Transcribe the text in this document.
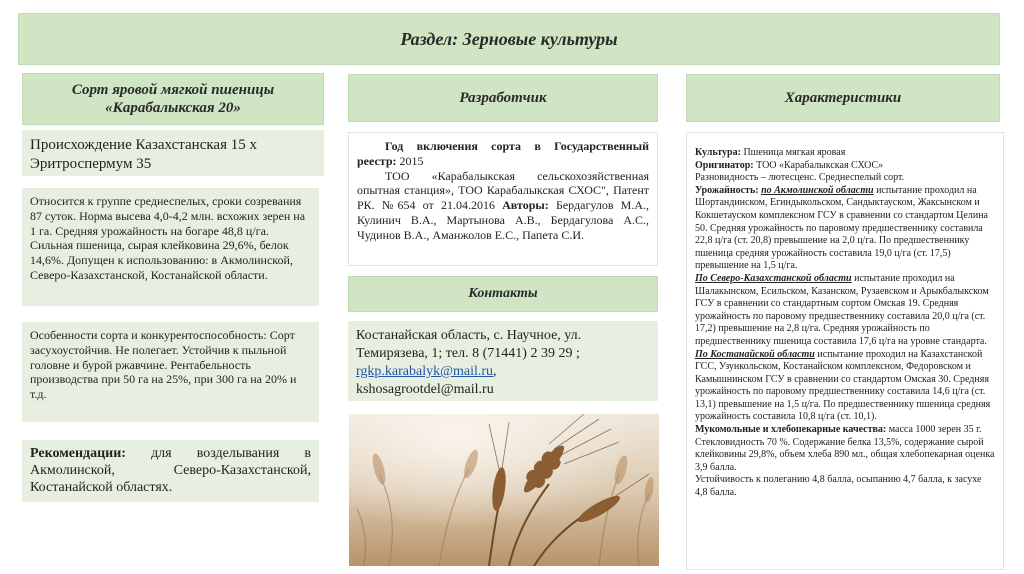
Раздел: Зерновые культуры
Сорт яровой мягкой пшеницы
«Карабалыкская 20»
Происхождение Казахстанская 15 х Эритроспермум 35
Относится к группе среднеспелых, сроки созревания 87 суток. Норма высева 4,0-4,2 млн. всхожих зерен на 1 га. Средняя урожайность на богаре 48,8 ц/га. Сильная пшеница, сырая клейковина 29,6%, белок 14,6%. Допущен к использованию: в Акмолинской, Северо-Казахстанской, Костанайской области.
Особенности сорта и конкурентоспособность: Сорт засухоустойчив. Не полегает. Устойчив к пыльной головне и бурой ржавчине. Рентабельность производства при 50 га на 25%, при 300 га на 20% и т.д.
Рекомендации: для возделывания в Акмолинской, Северо-Казахстанской, Костанайской областях.
Разработчик
Год включения сорта в Государственный реестр: 2015
ТОО «Карабалыкская сельскохозяйственная опытная станция», ТОО Карабалыкская СХОС", Патент РК. №654 от 21.04.2016 Авторы: Бердагулов М.А., Кулинич В.А., Мартынова А.В., Бердагулова А.С., Чудинов В.А., Аманжолов Е.С., Папета С.И.
Контакты
Костанайская область, с. Научное, ул. Темирязева, 1; тел. 8 (71441) 2 39 29 ;
rgkp.karabalyk@mail.ru,
kshosagrootdel@mail.ru
Характеристики
Культура: Пшеница мягкая яровая
Оригинатор: ТОО «Карабалыкская СХОС»
Разновидность – лютесценс. Среднеспелый сорт.
Урожайность: по Акмолинской области испытание проходил на Шортандинском, Егиндыкольском, Сандыктауском, Жаксынском и Кокшетауском комплексном ГСУ в сравнении со стандартом Целина 50. Средняя урожайность по паровому предшественнику составила 22,8 ц/га (ст. 20,8) превышение на 2,0 ц/га. По предшественнику пшеница средняя урожайность составила 19,0 ц/га (ст. 17,5) превышение на 1,5 ц/га.
По Северо-Казахстанской области испытание проходил на Шалакынском, Есильском, Казанском, Рузаевском и Арыкбалыкском ГСУ в сравнении со стандартным сортом Омская 19. Средняя урожайность по паровому предшественнику составила 20,0 ц/га (ст. 17,2) превышение на 2,8 ц/га. Средняя урожайность по предшественнику пшеница составила 17,6 ц/га на уровне стандарта.
По Костанайской области испытание проходил на Казахстанской ГСС, Узункольском, Костанайском комплексном, Федоровском и Камышнинском ГСУ в сравнении со стандартом Омская 30. Средняя урожайность по паровому предшественнику составила 14,6 ц/га (ст. 13,1) превышение на 1,5 ц/га. По предшественнику пшеница средняя урожайность составила 10,8 ц/га (ст. 10,1).
Мукомольные и хлебопекарные качества: масса 1000 зерен 35 г. Стекловидность 70 %. Содержание белка 13,5%, содержание сырой клейковины 29,8%, объем хлеба 890 мл., общая хлебопекарная оценка 3,9 балла.
Устойчивость к полеганию 4,8 балла, осыпанию 4,7 балла, к засухе 4,8 балла.
